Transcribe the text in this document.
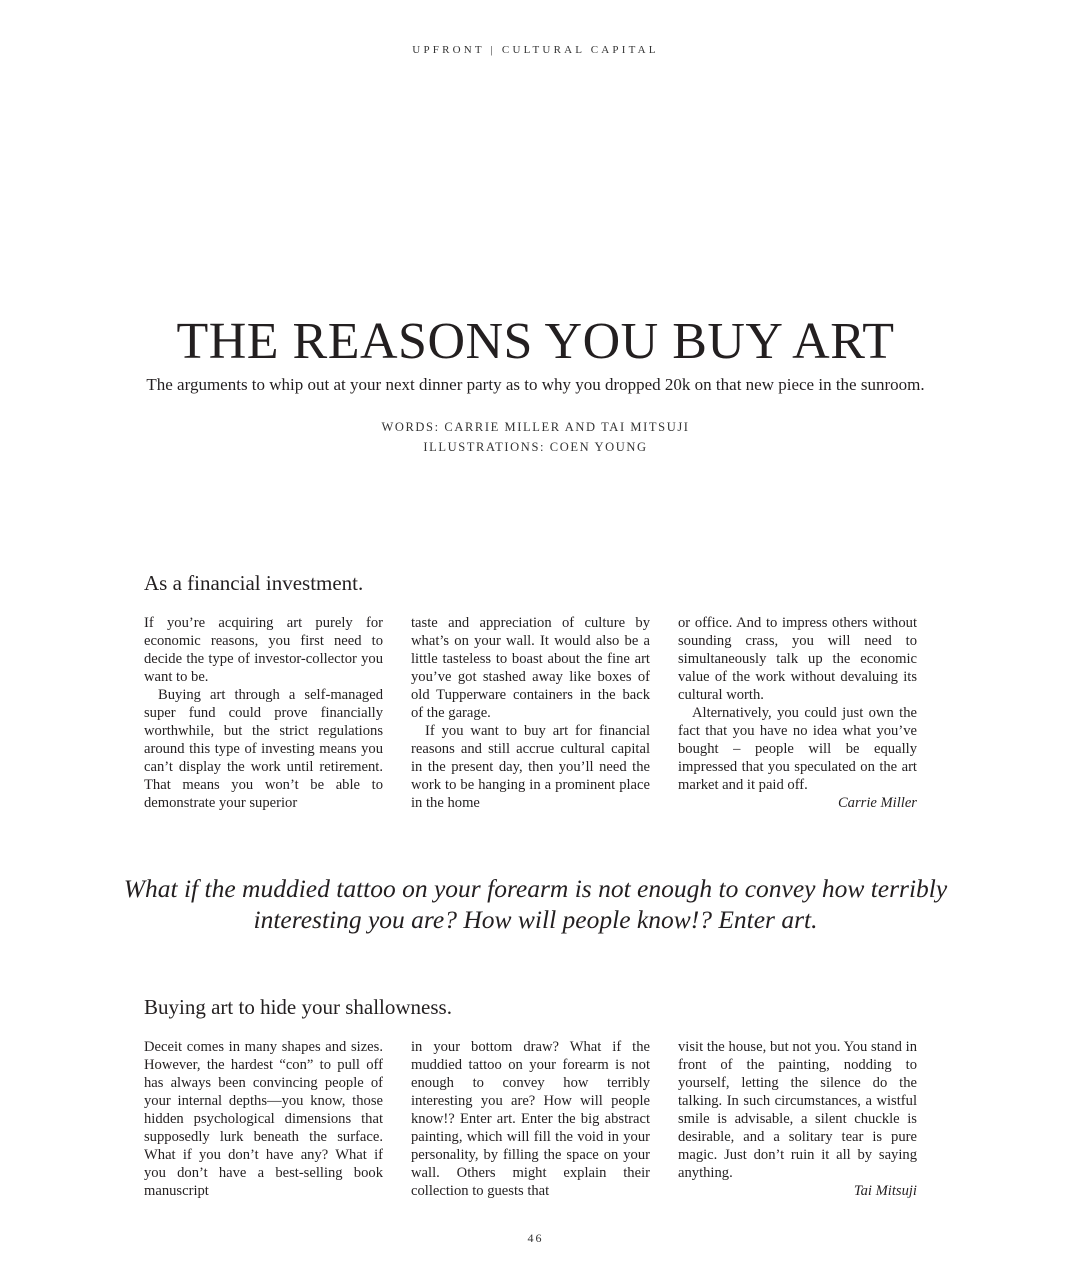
UPFRONT | CULTURAL CAPITAL
THE REASONS YOU BUY ART
The arguments to whip out at your next dinner party as to why you dropped 20k on that new piece in the sunroom.
WORDS: CARRIE MILLER AND TAI MITSUJI
ILLUSTRATIONS: COEN YOUNG
As a financial investment.

If you’re acquiring art purely for economic reasons, you first need to decide the type of investor-collector you want to be.

Buying art through a self-managed super fund could prove financially worthwhile, but the strict regulations around this type of investing means you can’t display the work until retirement. That means you won’t be able to demonstrate your superior

taste and appreciation of culture by what’s on your wall. It would also be a little tasteless to boast about the fine art you’ve got stashed away like boxes of old Tupperware containers in the back of the garage.

If you want to buy art for financial reasons and still accrue cultural capital in the present day, then you’ll need the work to be hanging in a prominent place in the home

or office. And to impress others without sounding crass, you will need to simultaneously talk up the economic value of the work without devaluing its cultural worth.

Alternatively, you could just own the fact that you have no idea what you’ve bought – people will be equally impressed that you speculated on the art market and it paid off.

Carrie Miller

What if the muddied tattoo on your forearm is not enough to convey how terribly interesting you are? How will people know!? Enter art.
Buying art to hide your shallowness.

Deceit comes in many shapes and sizes. However, the hardest “con” to pull off has always been convincing people of your internal depths—you know, those hidden psychological dimensions that supposedly lurk beneath the surface. What if you don’t have any? What if you don’t have a best-selling book manuscript

in your bottom draw? What if the muddied tattoo on your forearm is not enough to convey how terribly interesting you are? How will people know!? Enter art. Enter the big abstract painting, which will fill the void in your personality, by filling the space on your wall. Others might explain their collection to guests that

visit the house, but not you. You stand in front of the painting, nodding to yourself, letting the silence do the talking. In such circumstances, a wistful smile is advisable, a silent chuckle is desirable, and a solitary tear is pure magic. Just don’t ruin it all by saying anything.

Tai Mitsuji

46
